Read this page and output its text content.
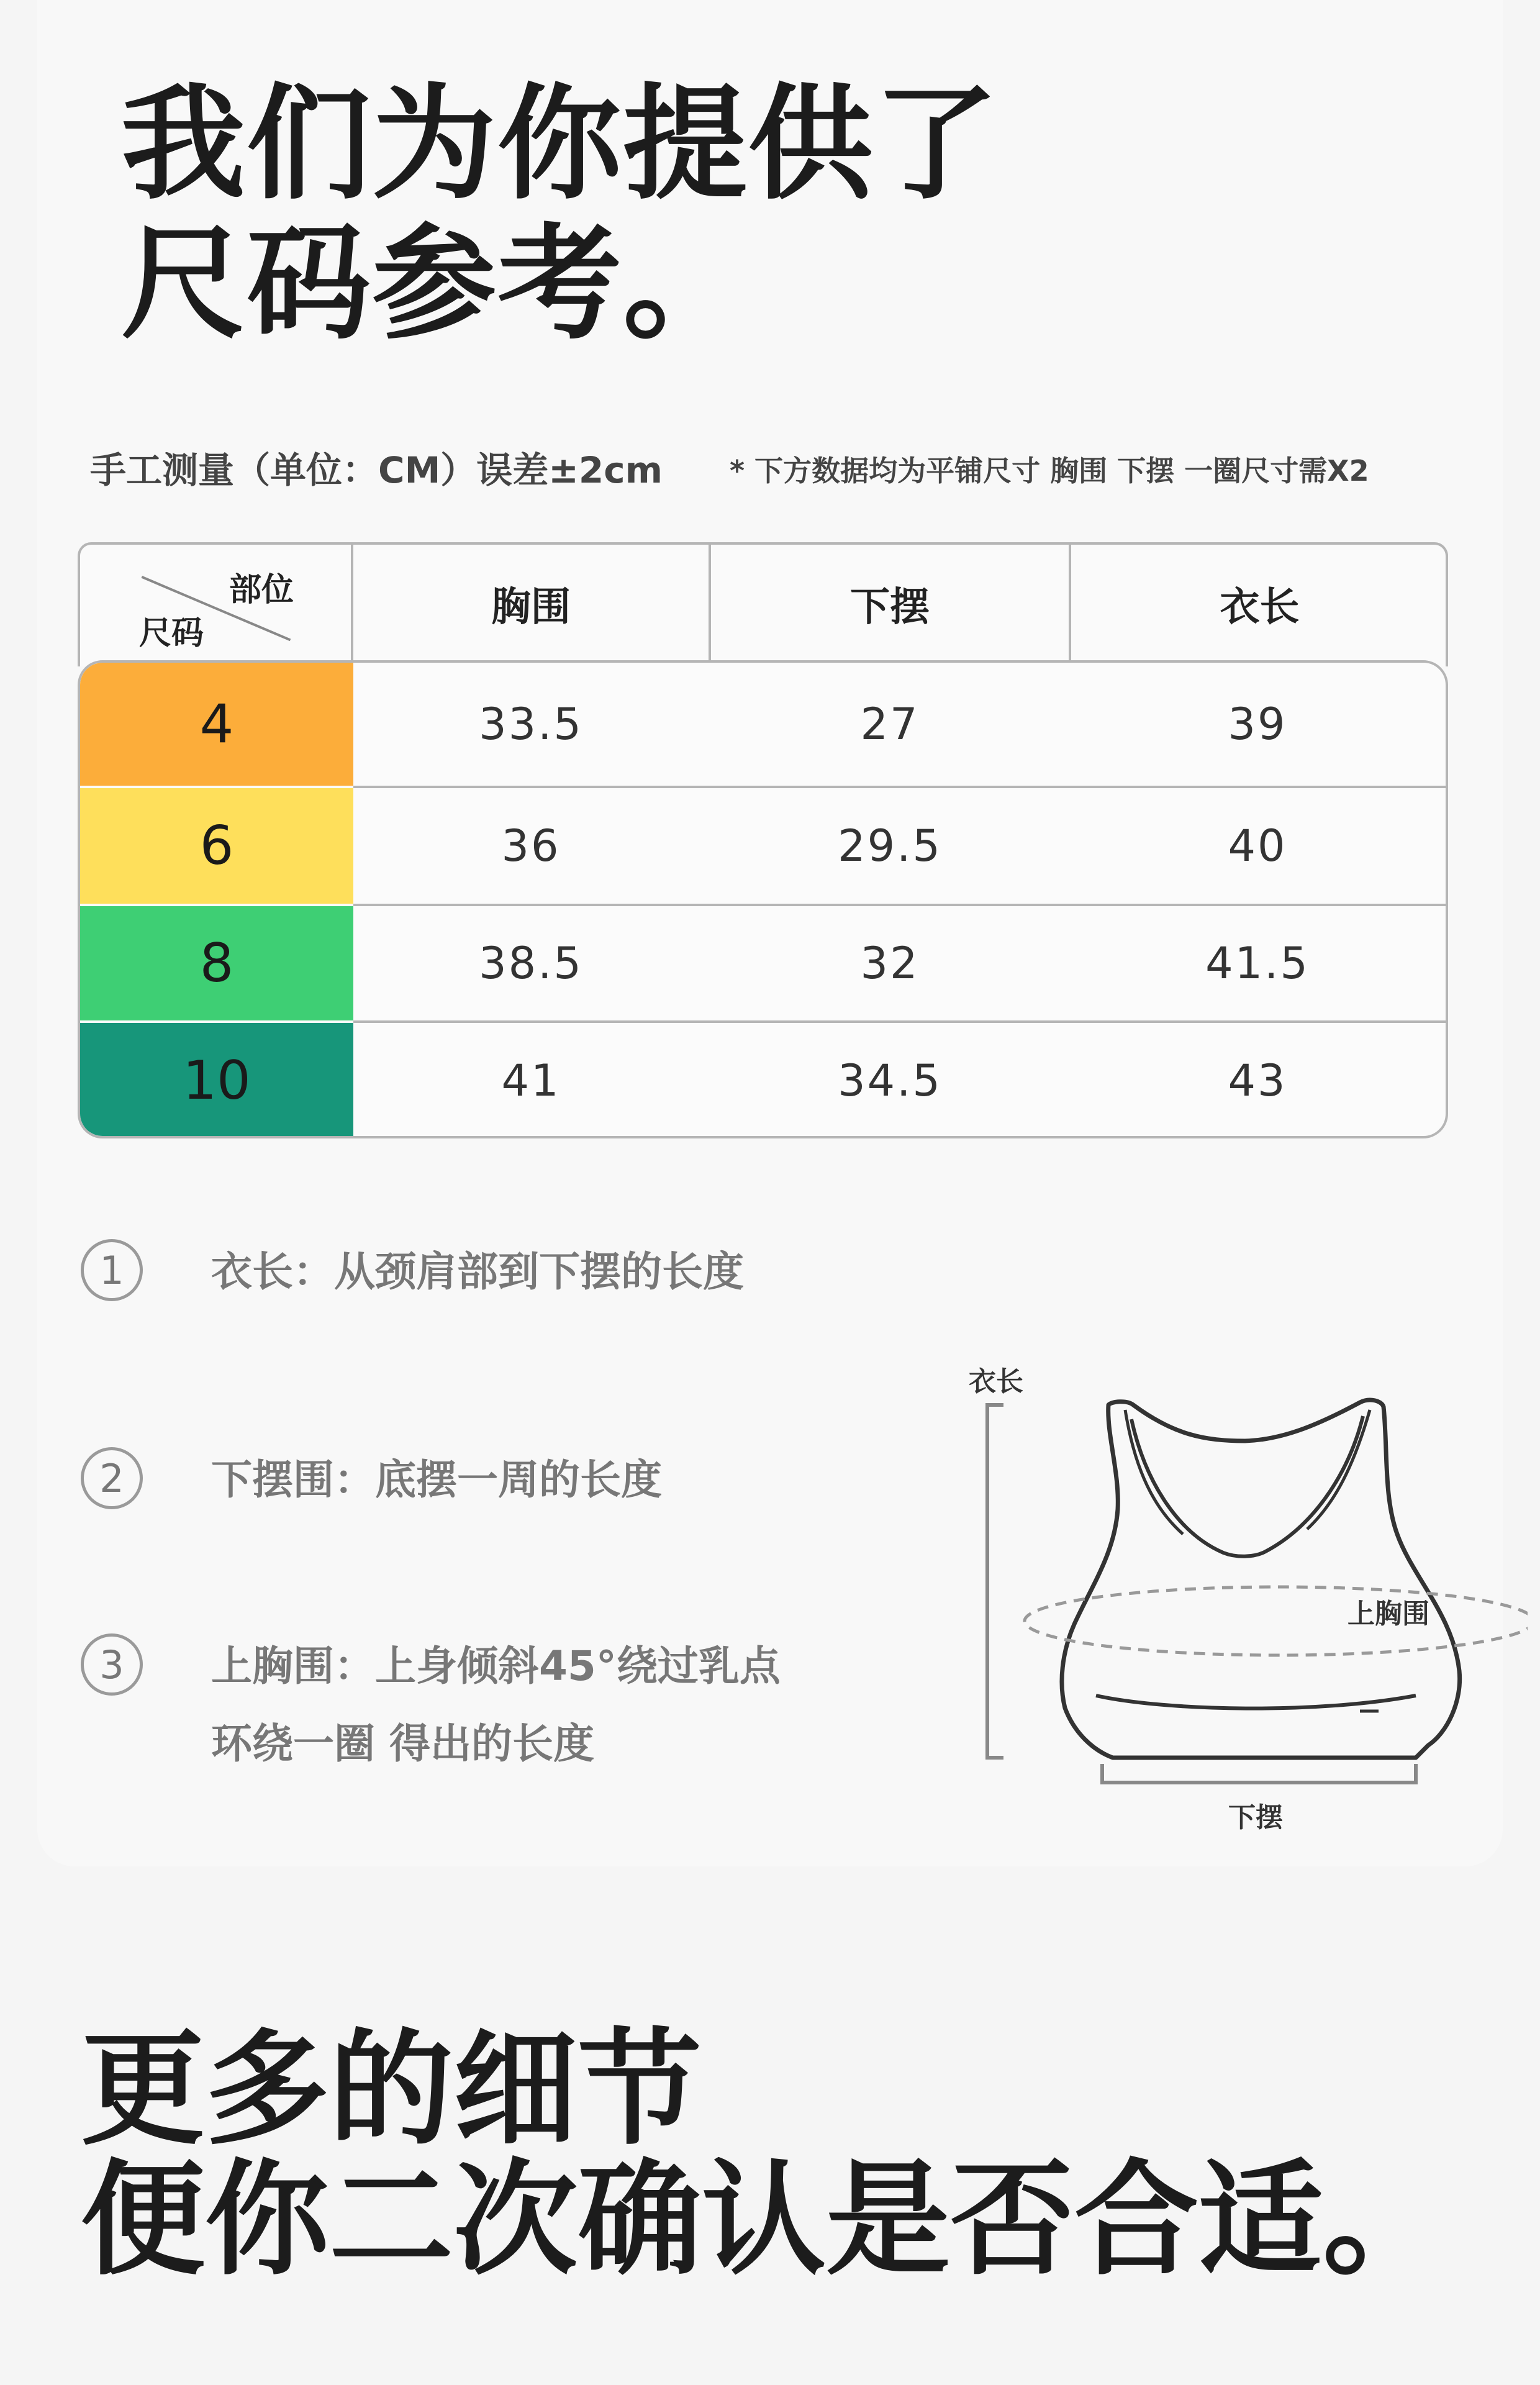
我们为你提供了
尺码参考。
手工测量（单位：CM）误差±2cm * 下方数据均为平铺尺寸 胸围 下摆 一圈尺寸需X2
部位
尺码
胸围	下摆	衣长
4	33.5	27	39
6	36	29.5	40
8	38.5	32	41.5
10	41	34.5	43
1	衣长：从颈肩部到下摆的长度
2	下摆围：底摆一周的长度
3	上胸围：上身倾斜45°绕过乳点
环绕一圈 得出的长度
衣长
上胸围
下摆
更多的细节
便你二次确认是否合适。
